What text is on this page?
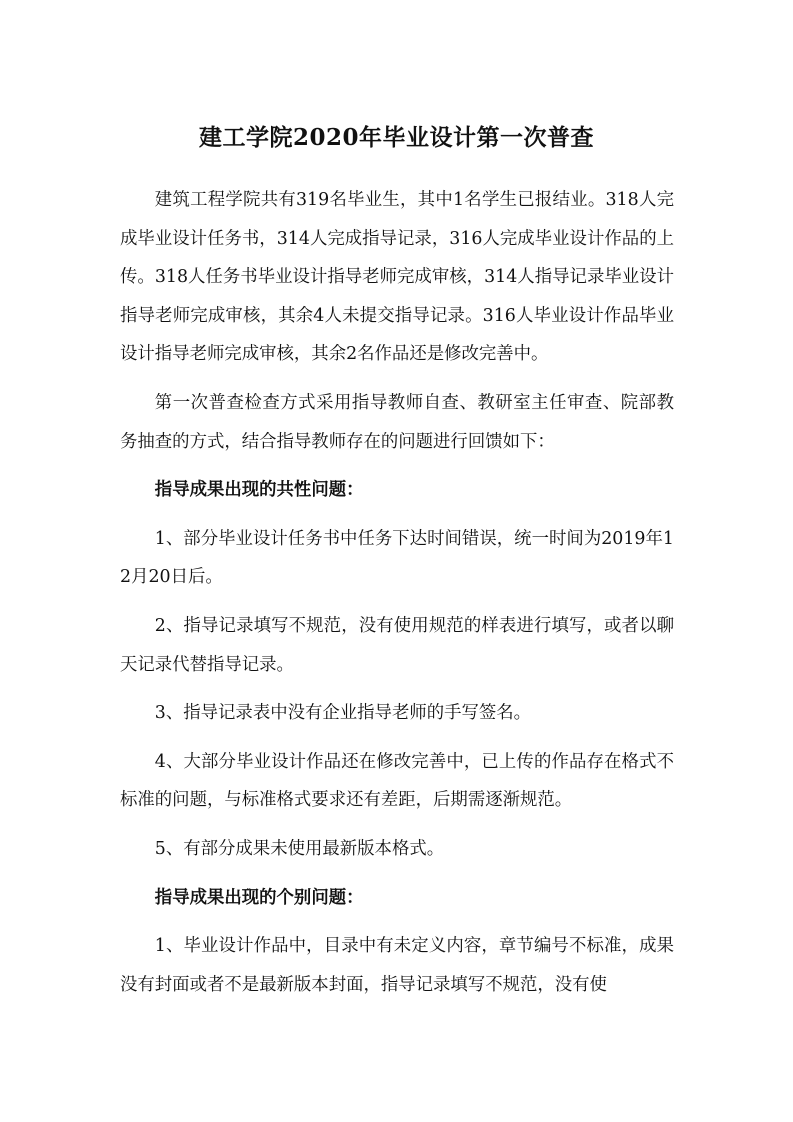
建工学院2020年毕业设计第一次普查

建筑工程学院共有319名毕业生，其中1名学生已报结业。318人完成毕业设计任务书，314人完成指导记录，316人完成毕业设计作品的上传。318人任务书毕业设计指导老师完成审核，314人指导记录毕业设计指导老师完成审核，其余4人未提交指导记录。316人毕业设计作品毕业设计指导老师完成审核，其余2名作品还是修改完善中。

第一次普查检查方式采用指导教师自查、教研室主任审查、院部教务抽查的方式，结合指导教师存在的问题进行回馈如下：

指导成果出现的共性问题：

1、部分毕业设计任务书中任务下达时间错误，统一时间为2019年12月20日后。

2、指导记录填写不规范，没有使用规范的样表进行填写，或者以聊天记录代替指导记录。

3、指导记录表中没有企业指导老师的手写签名。

4、大部分毕业设计作品还在修改完善中，已上传的作品存在格式不标准的问题，与标准格式要求还有差距，后期需逐渐规范。

5、有部分成果未使用最新版本格式。

指导成果出现的个别问题：

1、毕业设计作品中，目录中有未定义内容，章节编号不标准，成果没有封面或者不是最新版本封面，指导记录填写不规范，没有使
